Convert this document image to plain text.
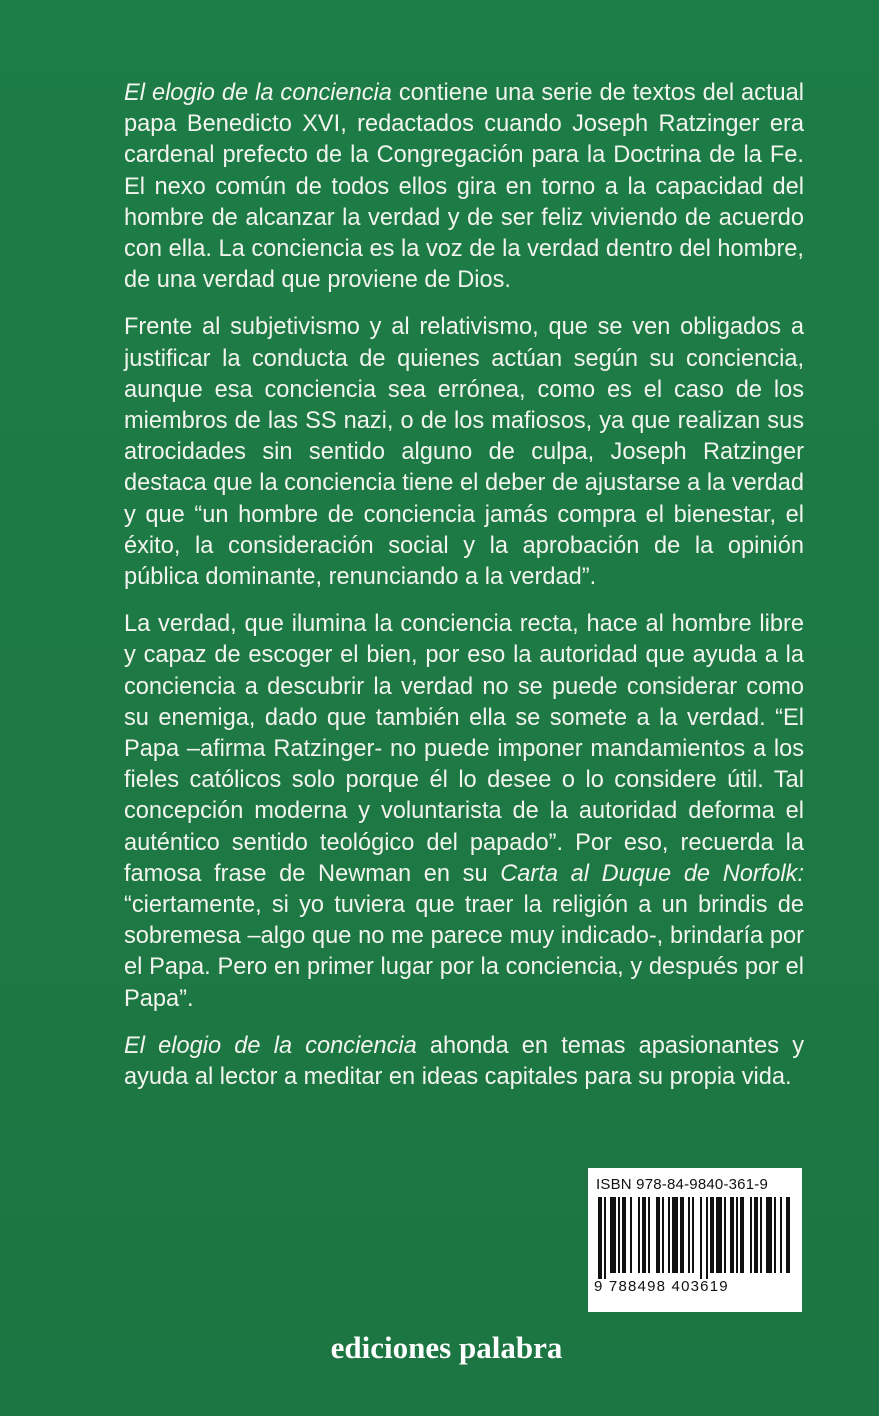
El elogio de la conciencia contiene una serie de textos del actual papa Benedicto XVI, redactados cuando Joseph Ratzinger era cardenal prefecto de la Congregación para la Doctrina de la Fe. El nexo común de todos ellos gira en torno a la capacidad del hombre de alcanzar la verdad y de ser feliz viviendo de acuerdo con ella. La conciencia es la voz de la verdad dentro del hombre, de una verdad que proviene de Dios.

Frente al subjetivismo y al relativismo, que se ven obligados a justificar la conducta de quienes actúan según su conciencia, aunque esa conciencia sea errónea, como es el caso de los miembros de las SS nazi, o de los mafiosos, ya que realizan sus atrocidades sin sentido alguno de culpa, Joseph Ratzinger destaca que la conciencia tiene el deber de ajustarse a la verdad y que “un hombre de conciencia jamás compra el bienestar, el éxito, la consideración social y la aprobación de la opinión pública dominante, renunciando a la verdad”.

La verdad, que ilumina la conciencia recta, hace al hombre libre y capaz de escoger el bien, por eso la autoridad que ayuda a la conciencia a descubrir la verdad no se puede considerar como su enemiga, dado que también ella se somete a la verdad. “El Papa –afirma Ratzinger- no puede imponer mandamientos a los fieles católicos solo porque él lo desee o lo considere útil. Tal concepción moderna y voluntarista de la autoridad deforma el auténtico sentido teológico del papado”. Por eso, recuerda la famosa frase de Newman en su Carta al Duque de Norfolk: “ciertamente, si yo tuviera que traer la religión a un brindis de sobremesa –algo que no me parece muy indicado-, brindaría por el Papa. Pero en primer lugar por la conciencia, y después por el Papa”.

El elogio de la conciencia ahonda en temas apasionantes y ayuda al lector a meditar en ideas capitales para su propia vida.

ISBN 978-84-9840-361-9
9 788498 403619
ediciones palabra
